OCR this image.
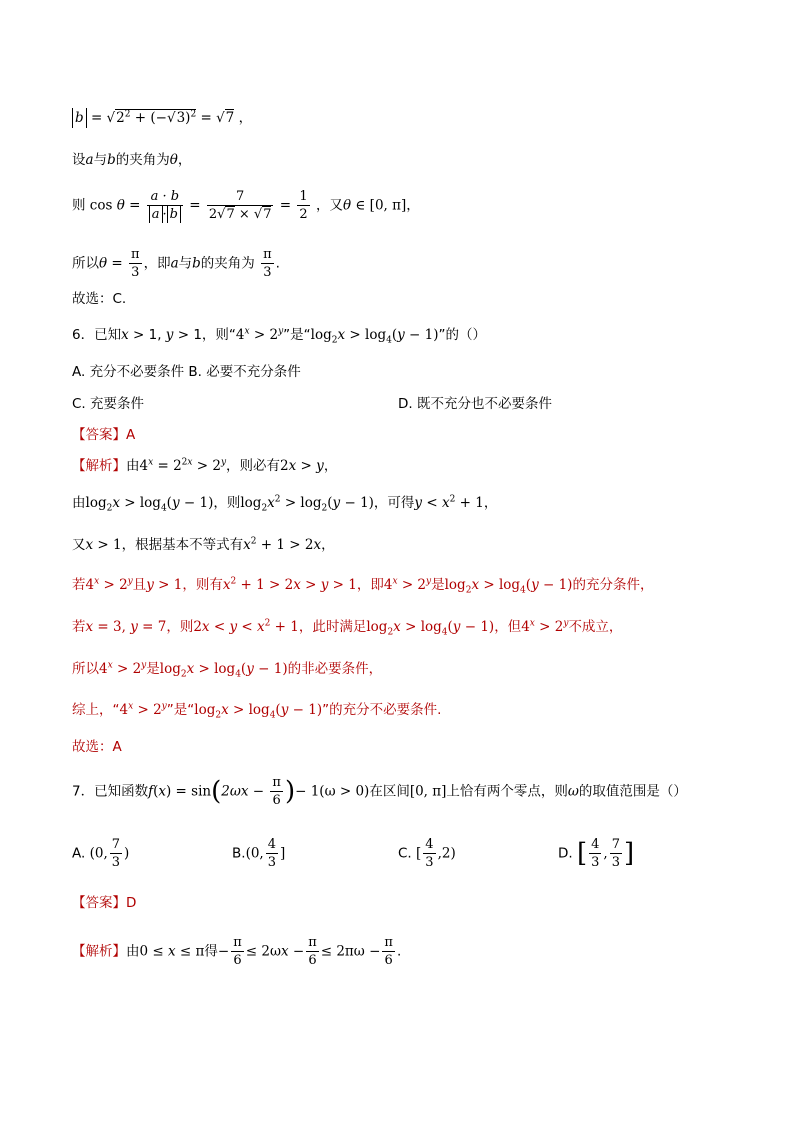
$b = √2^2 + (-√3)^2 = √7$ ，
设a与b的夹角为θ，
则 $\cos \theta = \frac{a \cdot b}{a \cdot b} = \frac{7}{2√7 \times √7} = \frac{1}{2}$ ，又θ ∈ [0, π]，
所以$\theta = \frac{\pi}{3}$ ，即a与b的夹角为 $\frac{\pi}{3}$ .
故选：C.
6．已知x > 1, y > 1，则“$4^x > 2^y$”是“$\log_2x > \log_4(y - 1)$”的（）
A. 充分不必要条件 B. 必要不充分条件
C. 充要条件	D. 既不充分也不必要条件
【答案】A
【解析】由$4^x = 2^{2x} > 2^y$，则必有2x > y，
由$\log_2x > \log_4(y - 1)$，则$\log_2x^2 > \log_2(y - 1)$，可得$y < x^2 + 1$，
又x > 1，根据基本不等式有$x^2 + 1 > 2x$，
若$4^x > 2^y$且y > 1，则有$x^2 + 1 > 2x > y > 1$，即$4^x > 2^y$是$\log_2x > \log_4(y - 1)$的充分条件，
若x = 3, y = 7，则$2x < y < x^2 + 1$，此时满足$\log_2x > \log_4(y - 1)$，但$4^x > 2^y$不成立，
所以$4^x > 2^y$是$\log_2x > \log_4(y - 1)$的非必要条件，
综上，“$4^x > 2^y$”是“$\log_2x > \log_4(y - 1)$”的充分不必要条件.
故选：A
7．已知函数$f(x) = \sin(2\omega x - \frac{\pi}{6}$ )− 1(ω > 0)在区间[0, π]上恰有两个零点，则ω的取值范围是（）
A. (0, $\frac{7}{3}$ )	B.(0, $\frac{4}{3}$ ]	C. [ $\frac{4}{3} ,2$)	D. [ $\frac{4}{3}$ , $\frac{7}{3}$ ]
【答案】D
【解析】由0 ≤ x ≤ π得− $\frac{\pi}{6} \le 2\omega x - \frac{\pi}{6} \le 2\pi\omega - \frac{\pi}{6}$ .
